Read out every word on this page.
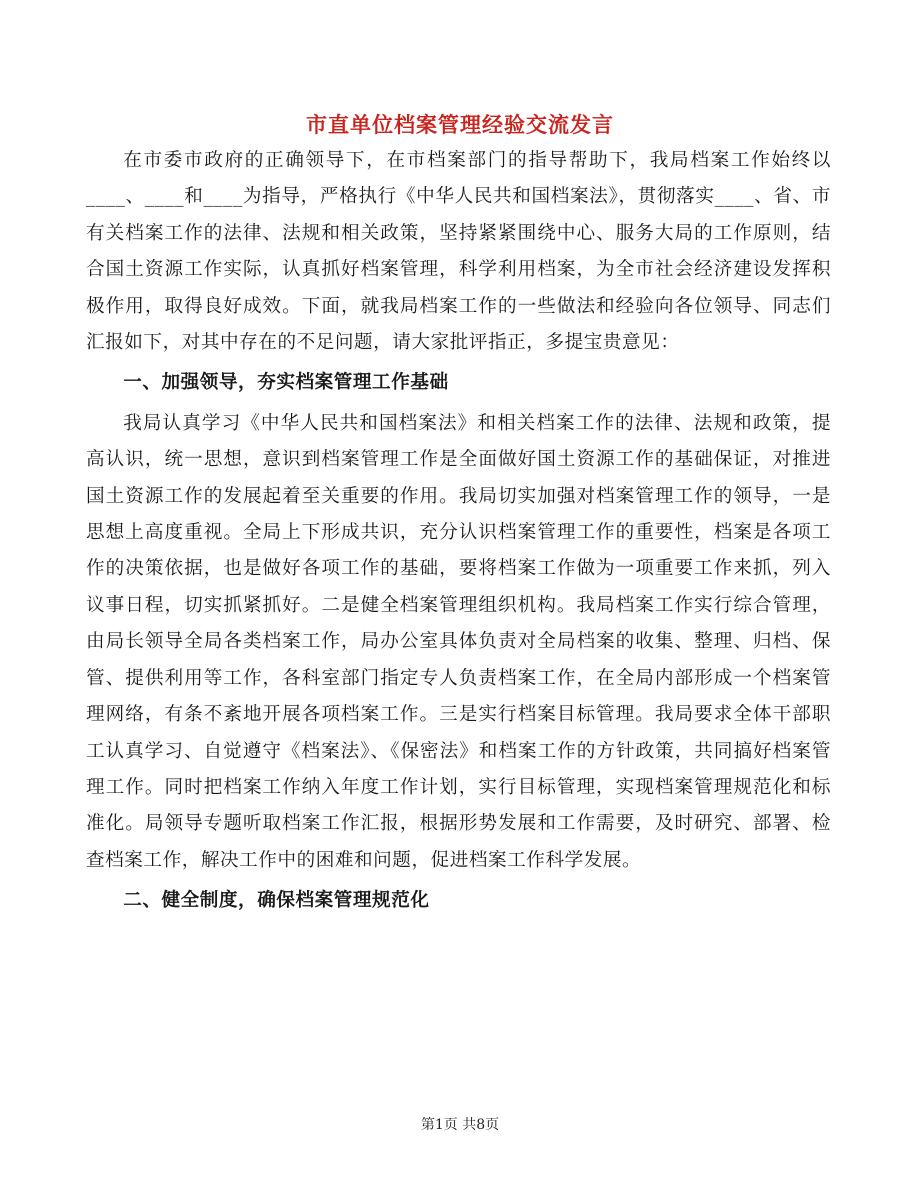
市直单位档案管理经验交流发言

在市委市政府的正确领导下，在市档案部门的指导帮助下，我局档案工作始终以____、____和____为指导，严格执行《中华人民共和国档案法》，贯彻落实____、省、市有关档案工作的法律、法规和相关政策，坚持紧紧围绕中心、服务大局的工作原则，结合国土资源工作实际，认真抓好档案管理，科学利用档案，为全市社会经济建设发挥积极作用，取得良好成效。下面，就我局档案工作的一些做法和经验向各位领导、同志们汇报如下，对其中存在的不足问题，请大家批评指正，多提宝贵意见：

一、加强领导，夯实档案管理工作基础

我局认真学习《中华人民共和国档案法》和相关档案工作的法律、法规和政策，提高认识，统一思想，意识到档案管理工作是全面做好国土资源工作的基础保证，对推进国土资源工作的发展起着至关重要的作用。我局切实加强对档案管理工作的领导，一是思想上高度重视。全局上下形成共识，充分认识档案管理工作的重要性，档案是各项工作的决策依据，也是做好各项工作的基础，要将档案工作做为一项重要工作来抓，列入议事日程，切实抓紧抓好。二是健全档案管理组织机构。我局档案工作实行综合管理，由局长领导全局各类档案工作，局办公室具体负责对全局档案的收集、整理、归档、保管、提供利用等工作，各科室部门指定专人负责档案工作，在全局内部形成一个档案管理网络，有条不紊地开展各项档案工作。三是实行档案目标管理。我局要求全体干部职工认真学习、自觉遵守《档案法》、《保密法》和档案工作的方针政策，共同搞好档案管理工作。同时把档案工作纳入年度工作计划，实行目标管理，实现档案管理规范化和标准化。局领导专题听取档案工作汇报，根据形势发展和工作需要，及时研究、部署、检查档案工作，解决工作中的困难和问题，促进档案工作科学发展。

二、健全制度，确保档案管理规范化

第1页 共8页
